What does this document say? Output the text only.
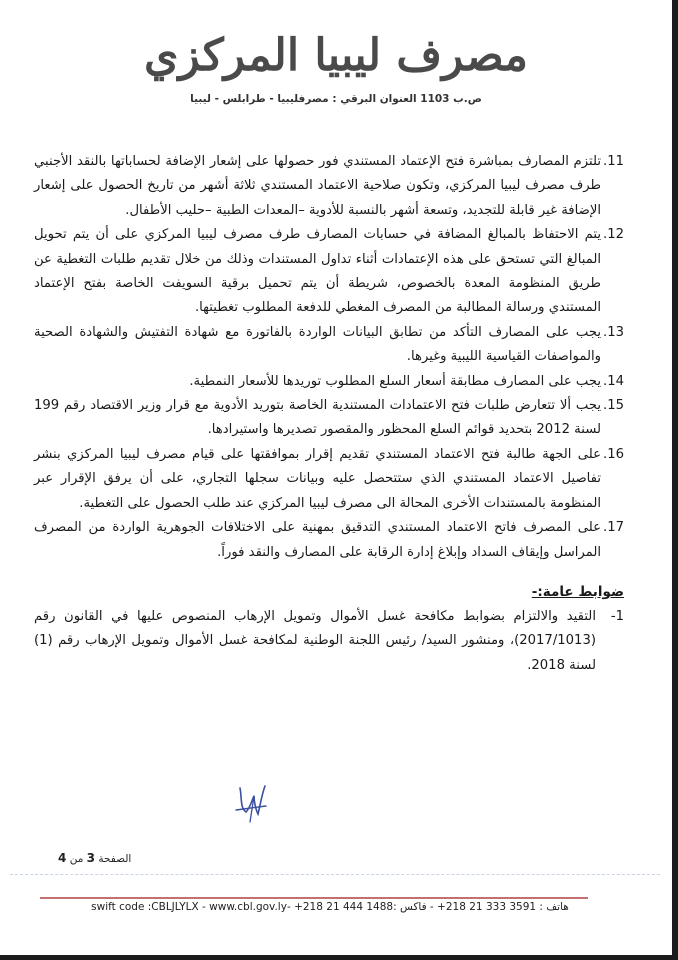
مصرف ليبيا المركزي
ص.ب 1103 العنوان البرقي : مصرفليبيا - طرابلس - ليبيا
11.
تلتزم المصارف بمباشرة فتح الإعتماد المستندي فور حصولها على إشعار الإضافة لحساباتها بالنقد الأجنبي طرف مصرف ليبيا المركزي، وتكون صلاحية الاعتماد المستندي ثلاثة أشهر من تاريخ الحصول على إشعار الإضافة غير قابلة للتجديد، وتسعة أشهر بالنسبة للأدوية –المعدات الطبية –حليب الأطفال.
12.
يتم الاحتفاظ بالمبالغ المضافة في حسابات المصارف طرف مصرف ليبيا المركزي على أن يتم تحويل المبالغ التي تستحق على هذه الإعتمادات أثناء تداول المستندات وذلك من خلال تقديم طلبات التغطية عن طريق المنظومة المعدة بالخصوص، شريطة أن يتم تحميل برقية السويفت الخاصة بفتح الإعتماد المستندي ورسالة المطالبة من المصرف المغطي للدفعة المطلوب تغطيتها.
13.
يجب على المصارف التأكد من تطابق البيانات الواردة بالفاتورة مع شهادة التفتيش والشهادة الصحية والمواصفات القياسية الليبية وغيرها.
14.
يجب على المصارف مطابقة أسعار السلع المطلوب توريدها للأسعار النمطية.
15.
يجب ألا تتعارض طلبات فتح الاعتمادات المستندية الخاصة بتوريد الأدوية مع قرار وزير الاقتصاد رقم 199 لسنة 2012 بتحديد قوائم السلع المحظور والمقصور تصديرها واستيرادها.
16.
على الجهة طالبة فتح الاعتماد المستندي تقديم إقرار بموافقتها على قيام مصرف ليبيا المركزي بنشر تفاصيل الاعتماد المستندي الذي ستتحصل عليه وبيانات سجلها التجاري، على أن يرفق الإقرار عبر المنظومة بالمستندات الأخرى المحالة الى مصرف ليبيا المركزي عند طلب الحصول على التغطية.
17.
على المصرف فاتح الاعتماد المستندي التدقيق بمهنية على الاختلافات الجوهرية الواردة من المصرف المراسل وإيقاف السداد وإبلاغ إدارة الرقابة على المصارف والنقد فوراً.
ضوابط عامة:-
1-
التقيد والالتزام بضوابط مكافحة غسل الأموال وتمويل الإرهاب المنصوص عليها في القانون رقم (2017/1013)، ومنشور السيد/ رئيس اللجنة الوطنية لمكافحة غسل الأموال وتمويل الإرهاب رقم (1) لسنة 2018.
الصفحة 3 من 4
هاتف : 3591 333 21 218+ - فاكس :1488 444 21 218+ -swift code :CBLJLYLX - www.cbl.gov.ly
